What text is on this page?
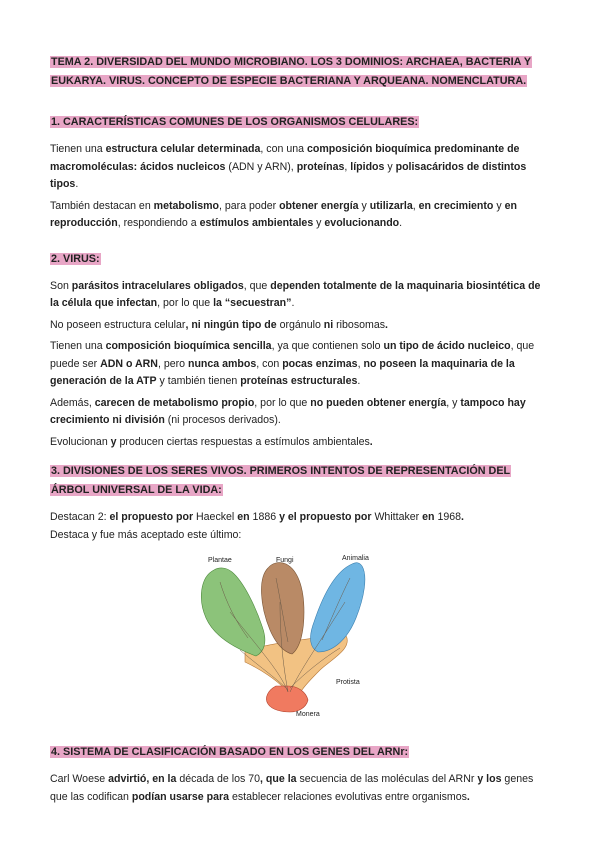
TEMA 2. DIVERSIDAD DEL MUNDO MICROBIANO. LOS 3 DOMINIOS: ARCHAEA, BACTERIA Y EUKARYA. VIRUS. CONCEPTO DE ESPECIE BACTERIANA Y ARQUEANA. NOMENCLATURA.
1. CARACTERÍSTICAS COMUNES DE LOS ORGANISMOS CELULARES:

Tienen una estructura celular determinada, con una composición bioquímica predominante de macromoléculas: ácidos nucleicos (ADN y ARN), proteínas, lípidos y polisacáridos de distintos tipos.

También destacan en metabolismo, para poder obtener energía y utilizarla, en crecimiento y en reproducción, respondiendo a estímulos ambientales y evolucionando.

2. VIRUS:

Son parásitos intracelulares obligados, que dependen totalmente de la maquinaria biosintética de la célula que infectan, por lo que la “secuestran”.

No poseen estructura celular, ni ningún tipo de orgánulo ni ribosomas.

Tienen una composición bioquímica sencilla, ya que contienen solo un tipo de ácido nucleico, que puede ser ADN o ARN, pero nunca ambos, con pocas enzimas, no poseen la maquinaria de la generación de la ATP y también tienen proteínas estructurales.

Además, carecen de metabolismo propio, por lo que no pueden obtener energía, y tampoco hay crecimiento ni división (ni procesos derivados).

Evolucionan y producen ciertas respuestas a estímulos ambientales.

3. DIVISIONES DE LOS SERES VIVOS. PRIMEROS INTENTOS DE REPRESENTACIÓN DEL ÁRBOL UNIVERSAL DE LA VIDA:

Destacan 2: el propuesto por Haeckel en 1886 y el propuesto por Whittaker en 1968.

Destaca y fue más aceptado este último:

Plantae	Fungi	Animalia
Protista
Monera
4. SISTEMA DE CLASIFICACIÓN BASADO EN LOS GENES DEL ARNr:

Carl Woese advirtió, en la década de los 70, que la secuencia de las moléculas del ARNr y los genes que las codifican podían usarse para establecer relaciones evolutivas entre organismos.
